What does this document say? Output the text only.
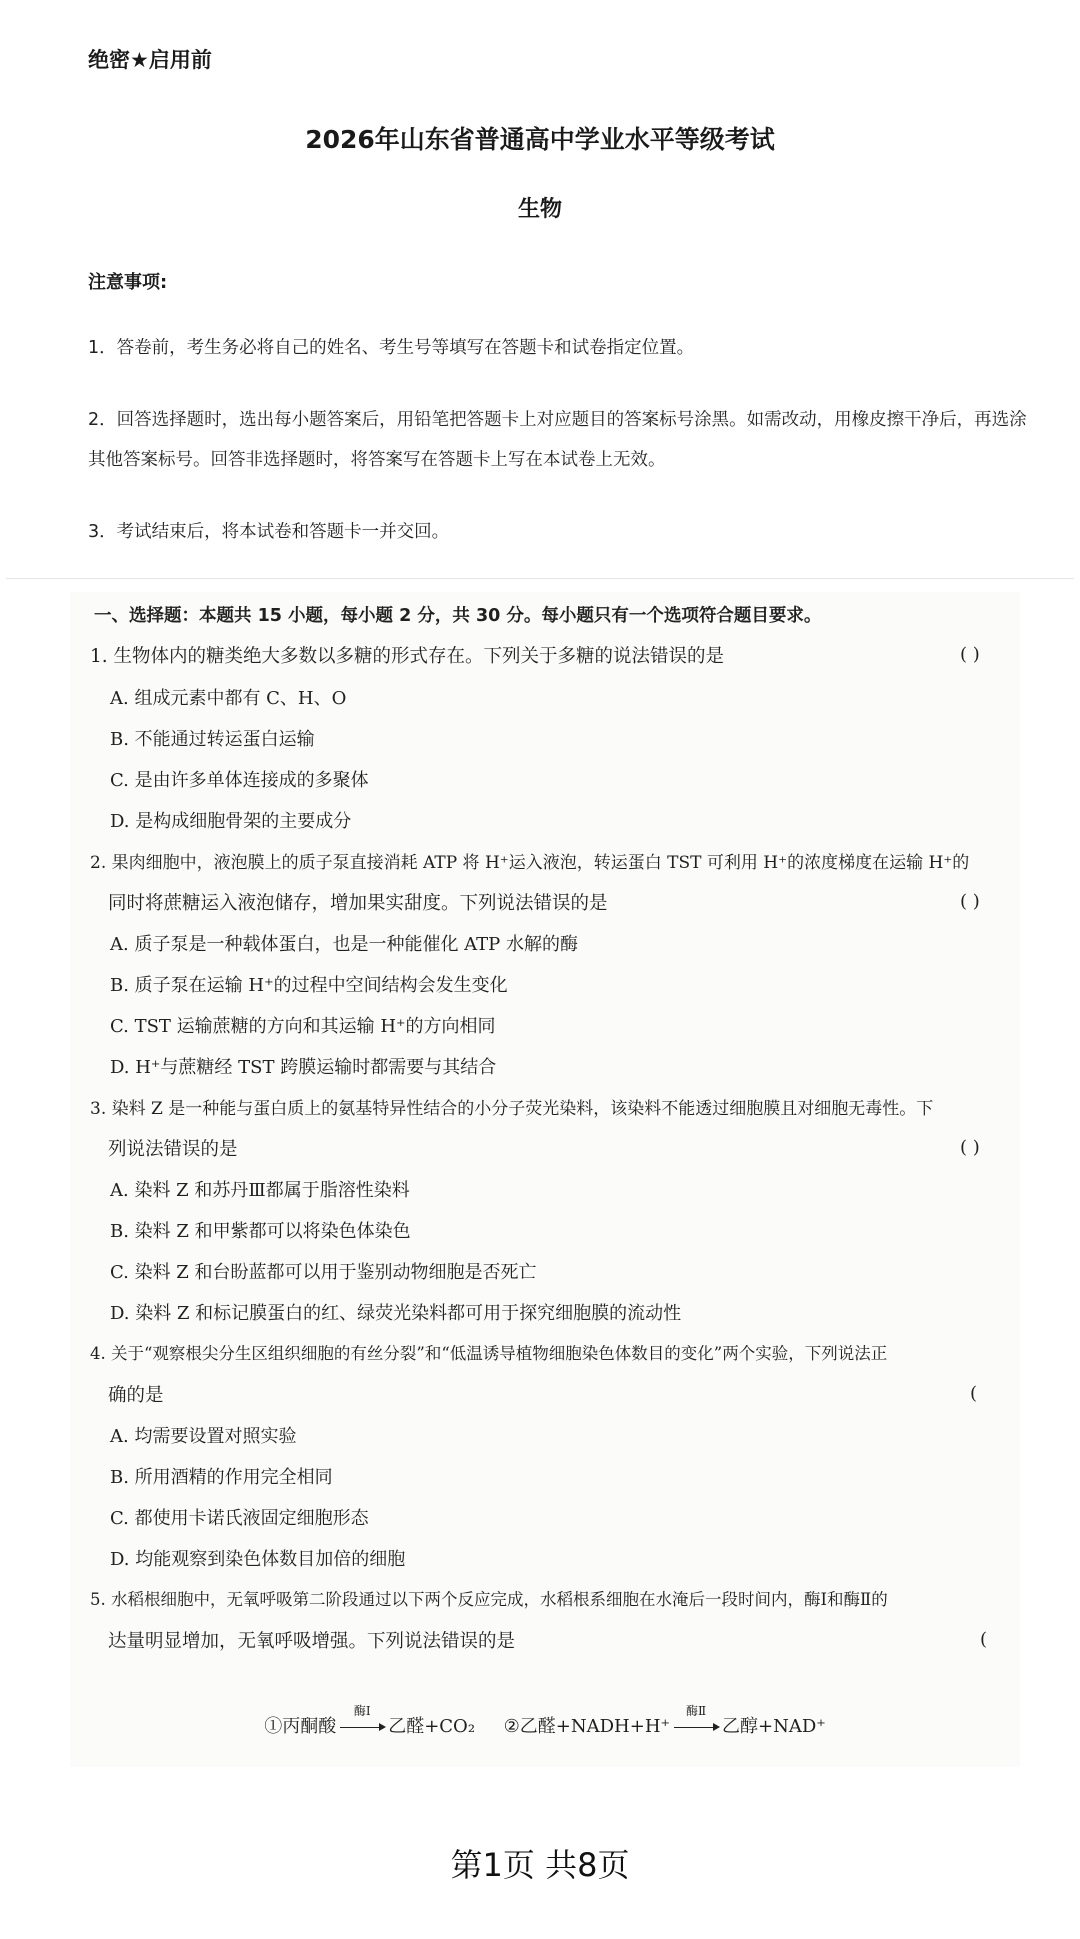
绝密★启用前
2026年山东省普通高中学业水平等级考试
生物
注意事项:
1．答卷前，考生务必将自己的姓名、考生号等填写在答题卡和试卷指定位置。
2．回答选择题时，选出每小题答案后，用铅笔把答题卡上对应题目的答案标号涂黑。如需改动，用橡皮擦干净后，再选涂其他答案标号。回答非选择题时，将答案写在答题卡上写在本试卷上无效。
3．考试结束后，将本试卷和答题卡一并交回。
一、选择题：本题共 15 小题，每小题 2 分，共 30 分。每小题只有一个选项符合题目要求。
1. 生物体内的糖类绝大多数以多糖的形式存在。下列关于多糖的说法错误的是	( )
A. 组成元素中都有 C、H、O
B. 不能通过转运蛋白运输
C. 是由许多单体连接成的多聚体
D. 是构成细胞骨架的主要成分
2. 果肉细胞中，液泡膜上的质子泵直接消耗 ATP 将 H⁺运入液泡，转运蛋白 TST 可利用 H⁺的浓度梯度在运输 H⁺的
同时将蔗糖运入液泡储存，增加果实甜度。下列说法错误的是	( )
A. 质子泵是一种载体蛋白，也是一种能催化 ATP 水解的酶
B. 质子泵在运输 H⁺的过程中空间结构会发生变化
C. TST 运输蔗糖的方向和其运输 H⁺的方向相同
D. H⁺与蔗糖经 TST 跨膜运输时都需要与其结合
3. 染料 Z 是一种能与蛋白质上的氨基特异性结合的小分子荧光染料，该染料不能透过细胞膜且对细胞无毒性。下
列说法错误的是	( )
A. 染料 Z 和苏丹Ⅲ都属于脂溶性染料
B. 染料 Z 和甲紫都可以将染色体染色
C. 染料 Z 和台盼蓝都可以用于鉴别动物细胞是否死亡
D. 染料 Z 和标记膜蛋白的红、绿荧光染料都可用于探究细胞膜的流动性
4. 关于“观察根尖分生区组织细胞的有丝分裂”和“低温诱导植物细胞染色体数目的变化”两个实验，下列说法正
确的是	(
A. 均需要设置对照实验
B. 所用酒精的作用完全相同
C. 都使用卡诺氏液固定细胞形态
D. 均能观察到染色体数目加倍的细胞
5. 水稻根细胞中，无氧呼吸第二阶段通过以下两个反应完成，水稻根系细胞在水淹后一段时间内，酶Ⅰ和酶Ⅱ的
达量明显增加，无氧呼吸增强。下列说法错误的是	(
①丙酮酸
酶Ⅰ
乙醛+CO₂ ②乙醛+NADH+H⁺
酶Ⅱ
乙醇+NAD⁺
第1页 共8页
